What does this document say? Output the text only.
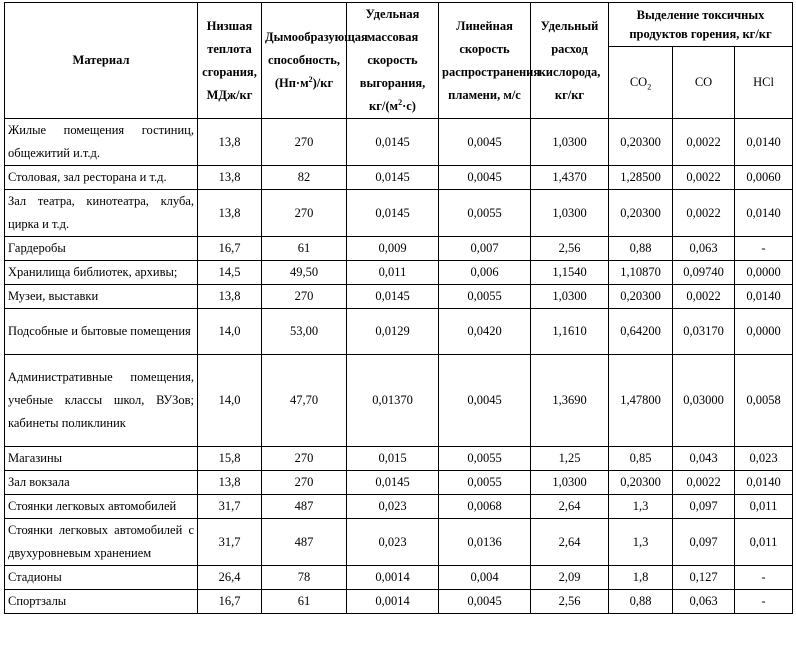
Материал	Низшая теплота сгорания, МДж/кг	Дымообразующая способность, $(Нп\cdot м^2)/кг$	Удельная массовая скорость выгорания, $кг/(м^2\cdot с)$	Линейная скорость распространения пламени, м/с	Удельный расход кислорода, кг/кг	Выделение токсичных продуктов горения, кг/кг		
						$CO_2$	CO	HCl
Жилые помещения гостиниц, общежитий и.т.д.	13,8	270	0,0145	0,0045	1,0300	0,20300	0,0022	0,0140
Столовая, зал ресторана и т.д.	13,8	82	0,0145	0,0045	1,4370	1,28500	0,0022	0,0060
Зал театра, кинотеатра, клуба, цирка и т.д.	13,8	270	0,0145	0,0055	1,0300	0,20300	0,0022	0,0140
Гардеробы	16,7	61	0,009	0,007	2,56	0,88	0,063	-
Хранилища библиотек, архивы;	14,5	49,50	0,011	0,006	1,1540	1,10870	0,09740	0,0000
Музеи, выставки	13,8	270	0,0145	0,0055	1,0300	0,20300	0,0022	0,0140
Подсобные и бытовые помещения	14,0	53,00	0,0129	0,0420	1,1610	0,64200	0,03170	0,0000
Административные помещения, учебные классы школ, ВУЗов; кабинеты поликлиник	14,0	47,70	0,01370	0,0045	1,3690	1,47800	0,03000	0,0058
Магазины	15,8	270	0,015	0,0055	1,25	0,85	0,043	0,023
Зал вокзала	13,8	270	0,0145	0,0055	1,0300	0,20300	0,0022	0,0140
Стоянки легковых автомобилей	31,7	487	0,023	0,0068	2,64	1,3	0,097	0,011
Стоянки легковых автомобилей с двухуровневым хранением	31,7	487	0,023	0,0136	2,64	1,3	0,097	0,011
Стадионы	26,4	78	0,0014	0,004	2,09	1,8	0,127	-
Спортзалы	16,7	61	0,0014	0,0045	2,56	0,88	0,063	-
